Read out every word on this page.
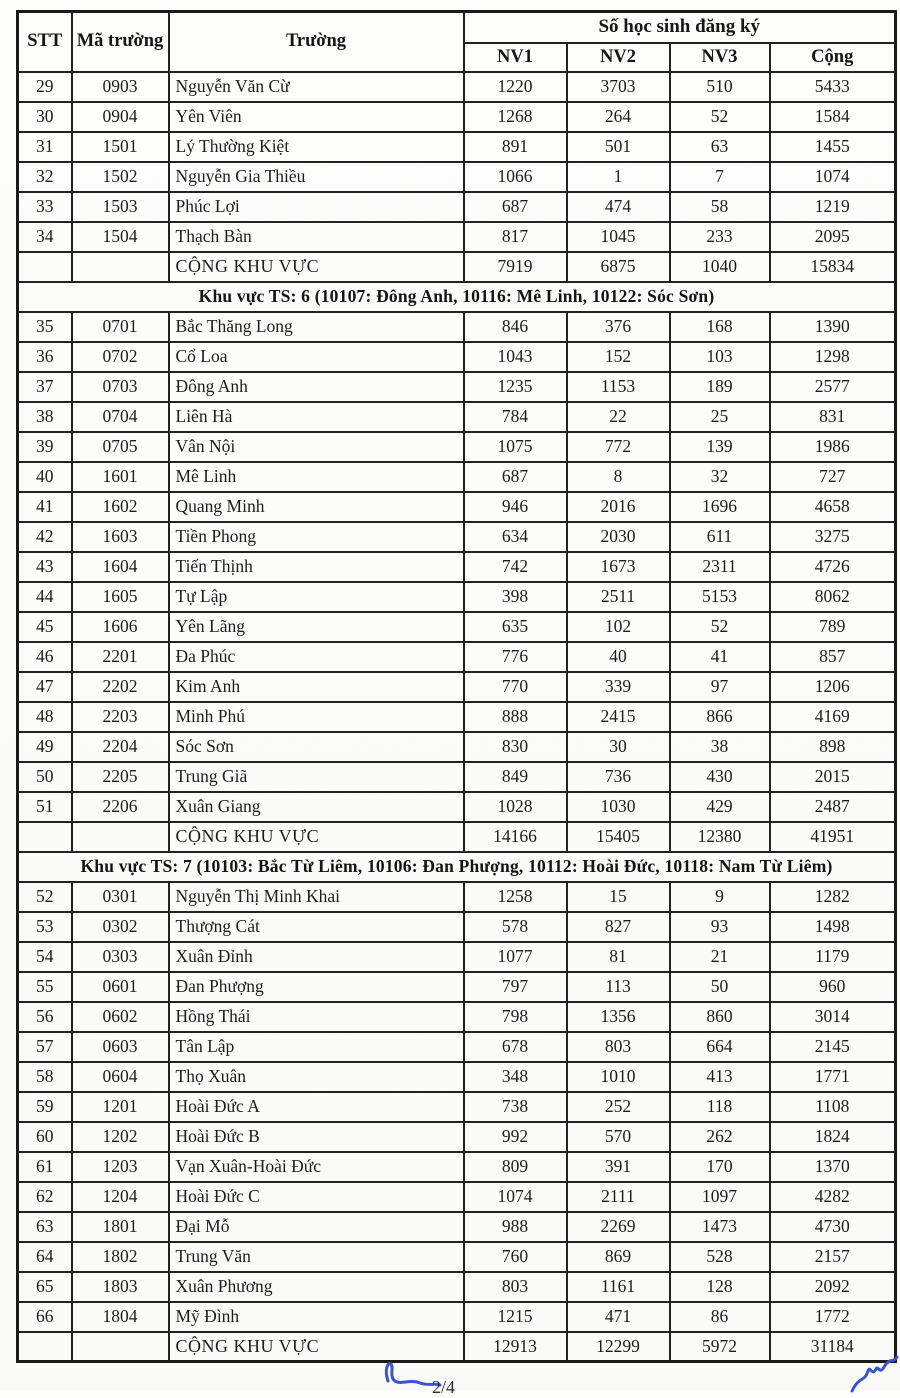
STT	Mã trường	Trường	Số học sinh đăng ký			
			NV1	NV2	NV3	Cộng
29	0903	Nguyễn Văn Cừ	1220	3703	510	5433
30	0904	Yên Viên	1268	264	52	1584
31	1501	Lý Thường Kiệt	891	501	63	1455
32	1502	Nguyễn Gia Thiều	1066	1	7	1074
33	1503	Phúc Lợi	687	474	58	1219
34	1504	Thạch Bàn	817	1045	233	2095
		CỘNG KHU VỰC	7919	6875	1040	15834
Khu vực TS: 6 (10107: Đông Anh, 10116: Mê Linh, 10122: Sóc Sơn)						
35	0701	Bắc Thăng Long	846	376	168	1390
36	0702	Cổ Loa	1043	152	103	1298
37	0703	Đông Anh	1235	1153	189	2577
38	0704	Liên Hà	784	22	25	831
39	0705	Vân Nội	1075	772	139	1986
40	1601	Mê Linh	687	8	32	727
41	1602	Quang Minh	946	2016	1696	4658
42	1603	Tiền Phong	634	2030	611	3275
43	1604	Tiến Thịnh	742	1673	2311	4726
44	1605	Tự Lập	398	2511	5153	8062
45	1606	Yên Lãng	635	102	52	789
46	2201	Đa Phúc	776	40	41	857
47	2202	Kim Anh	770	339	97	1206
48	2203	Minh Phú	888	2415	866	4169
49	2204	Sóc Sơn	830	30	38	898
50	2205	Trung Giã	849	736	430	2015
51	2206	Xuân Giang	1028	1030	429	2487
		CỘNG KHU VỰC	14166	15405	12380	41951
Khu vực TS: 7 (10103: Bắc Từ Liêm, 10106: Đan Phượng, 10112: Hoài Đức, 10118: Nam Từ Liêm)						
52	0301	Nguyễn Thị Minh Khai	1258	15	9	1282
53	0302	Thượng Cát	578	827	93	1498
54	0303	Xuân Đỉnh	1077	81	21	1179
55	0601	Đan Phượng	797	113	50	960
56	0602	Hồng Thái	798	1356	860	3014
57	0603	Tân Lập	678	803	664	2145
58	0604	Thọ Xuân	348	1010	413	1771
59	1201	Hoài Đức A	738	252	118	1108
60	1202	Hoài Đức B	992	570	262	1824
61	1203	Vạn Xuân-Hoài Đức	809	391	170	1370
62	1204	Hoài Đức C	1074	2111	1097	4282
63	1801	Đại Mỗ	988	2269	1473	4730
64	1802	Trung Văn	760	869	528	2157
65	1803	Xuân Phương	803	1161	128	2092
66	1804	Mỹ Đình	1215	471	86	1772
		CỘNG KHU VỰC	12913	12299	5972	31184
2/4
